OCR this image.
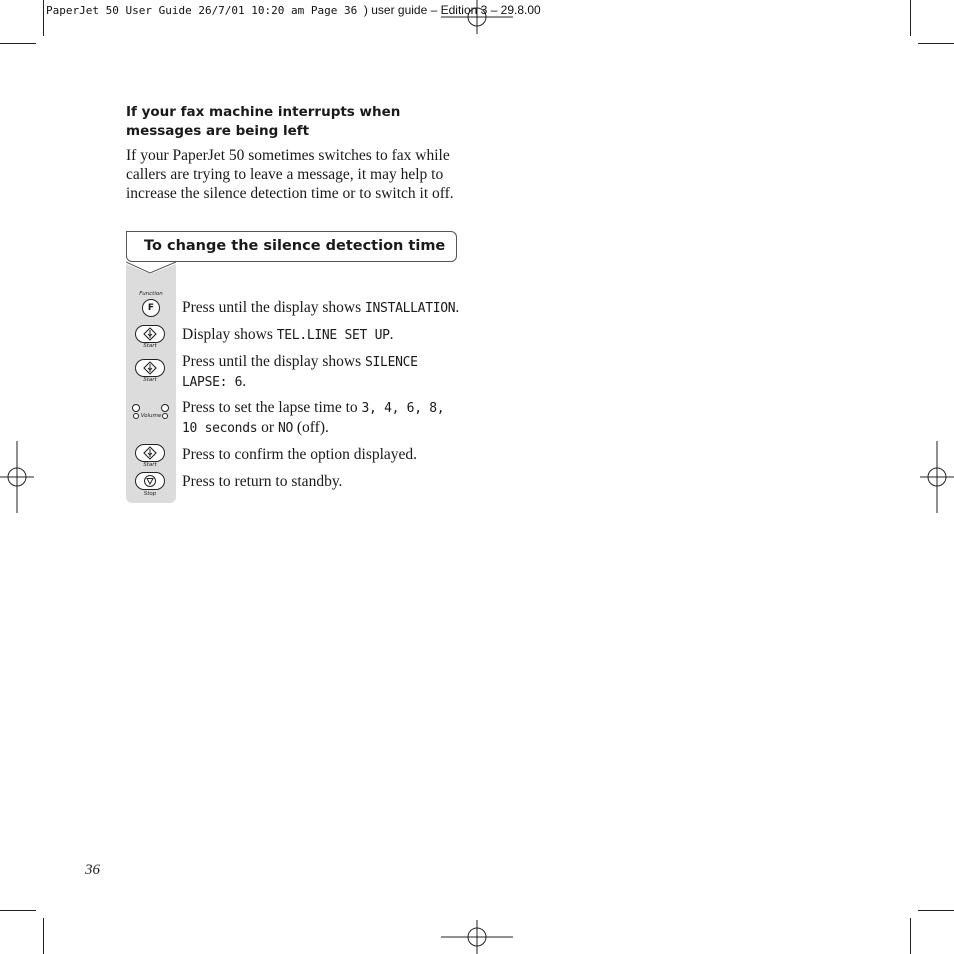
PaperJet 50 User Guide 26/7/01 10:20 am Page 36 ) user guide – Edition 3 – 29.8.00
If your fax machine interrupts when messages are being left
If your PaperJet 50 sometimes switches to fax while callers are trying to leave a message, it may help to increase the silence detection time or to switch it off.
To change the silence detection time
Function
F
Start
Start
Volume
Start
Stop
Press until the display shows INSTALLATION.
Display shows TEL.LINE SET UP.
Press until the display shows SILENCE LAPSE: 6.
Press to set the lapse time to 3, 4, 6, 8, 10 seconds or NO (off).
Press to confirm the option displayed.
Press to return to standby.
36
